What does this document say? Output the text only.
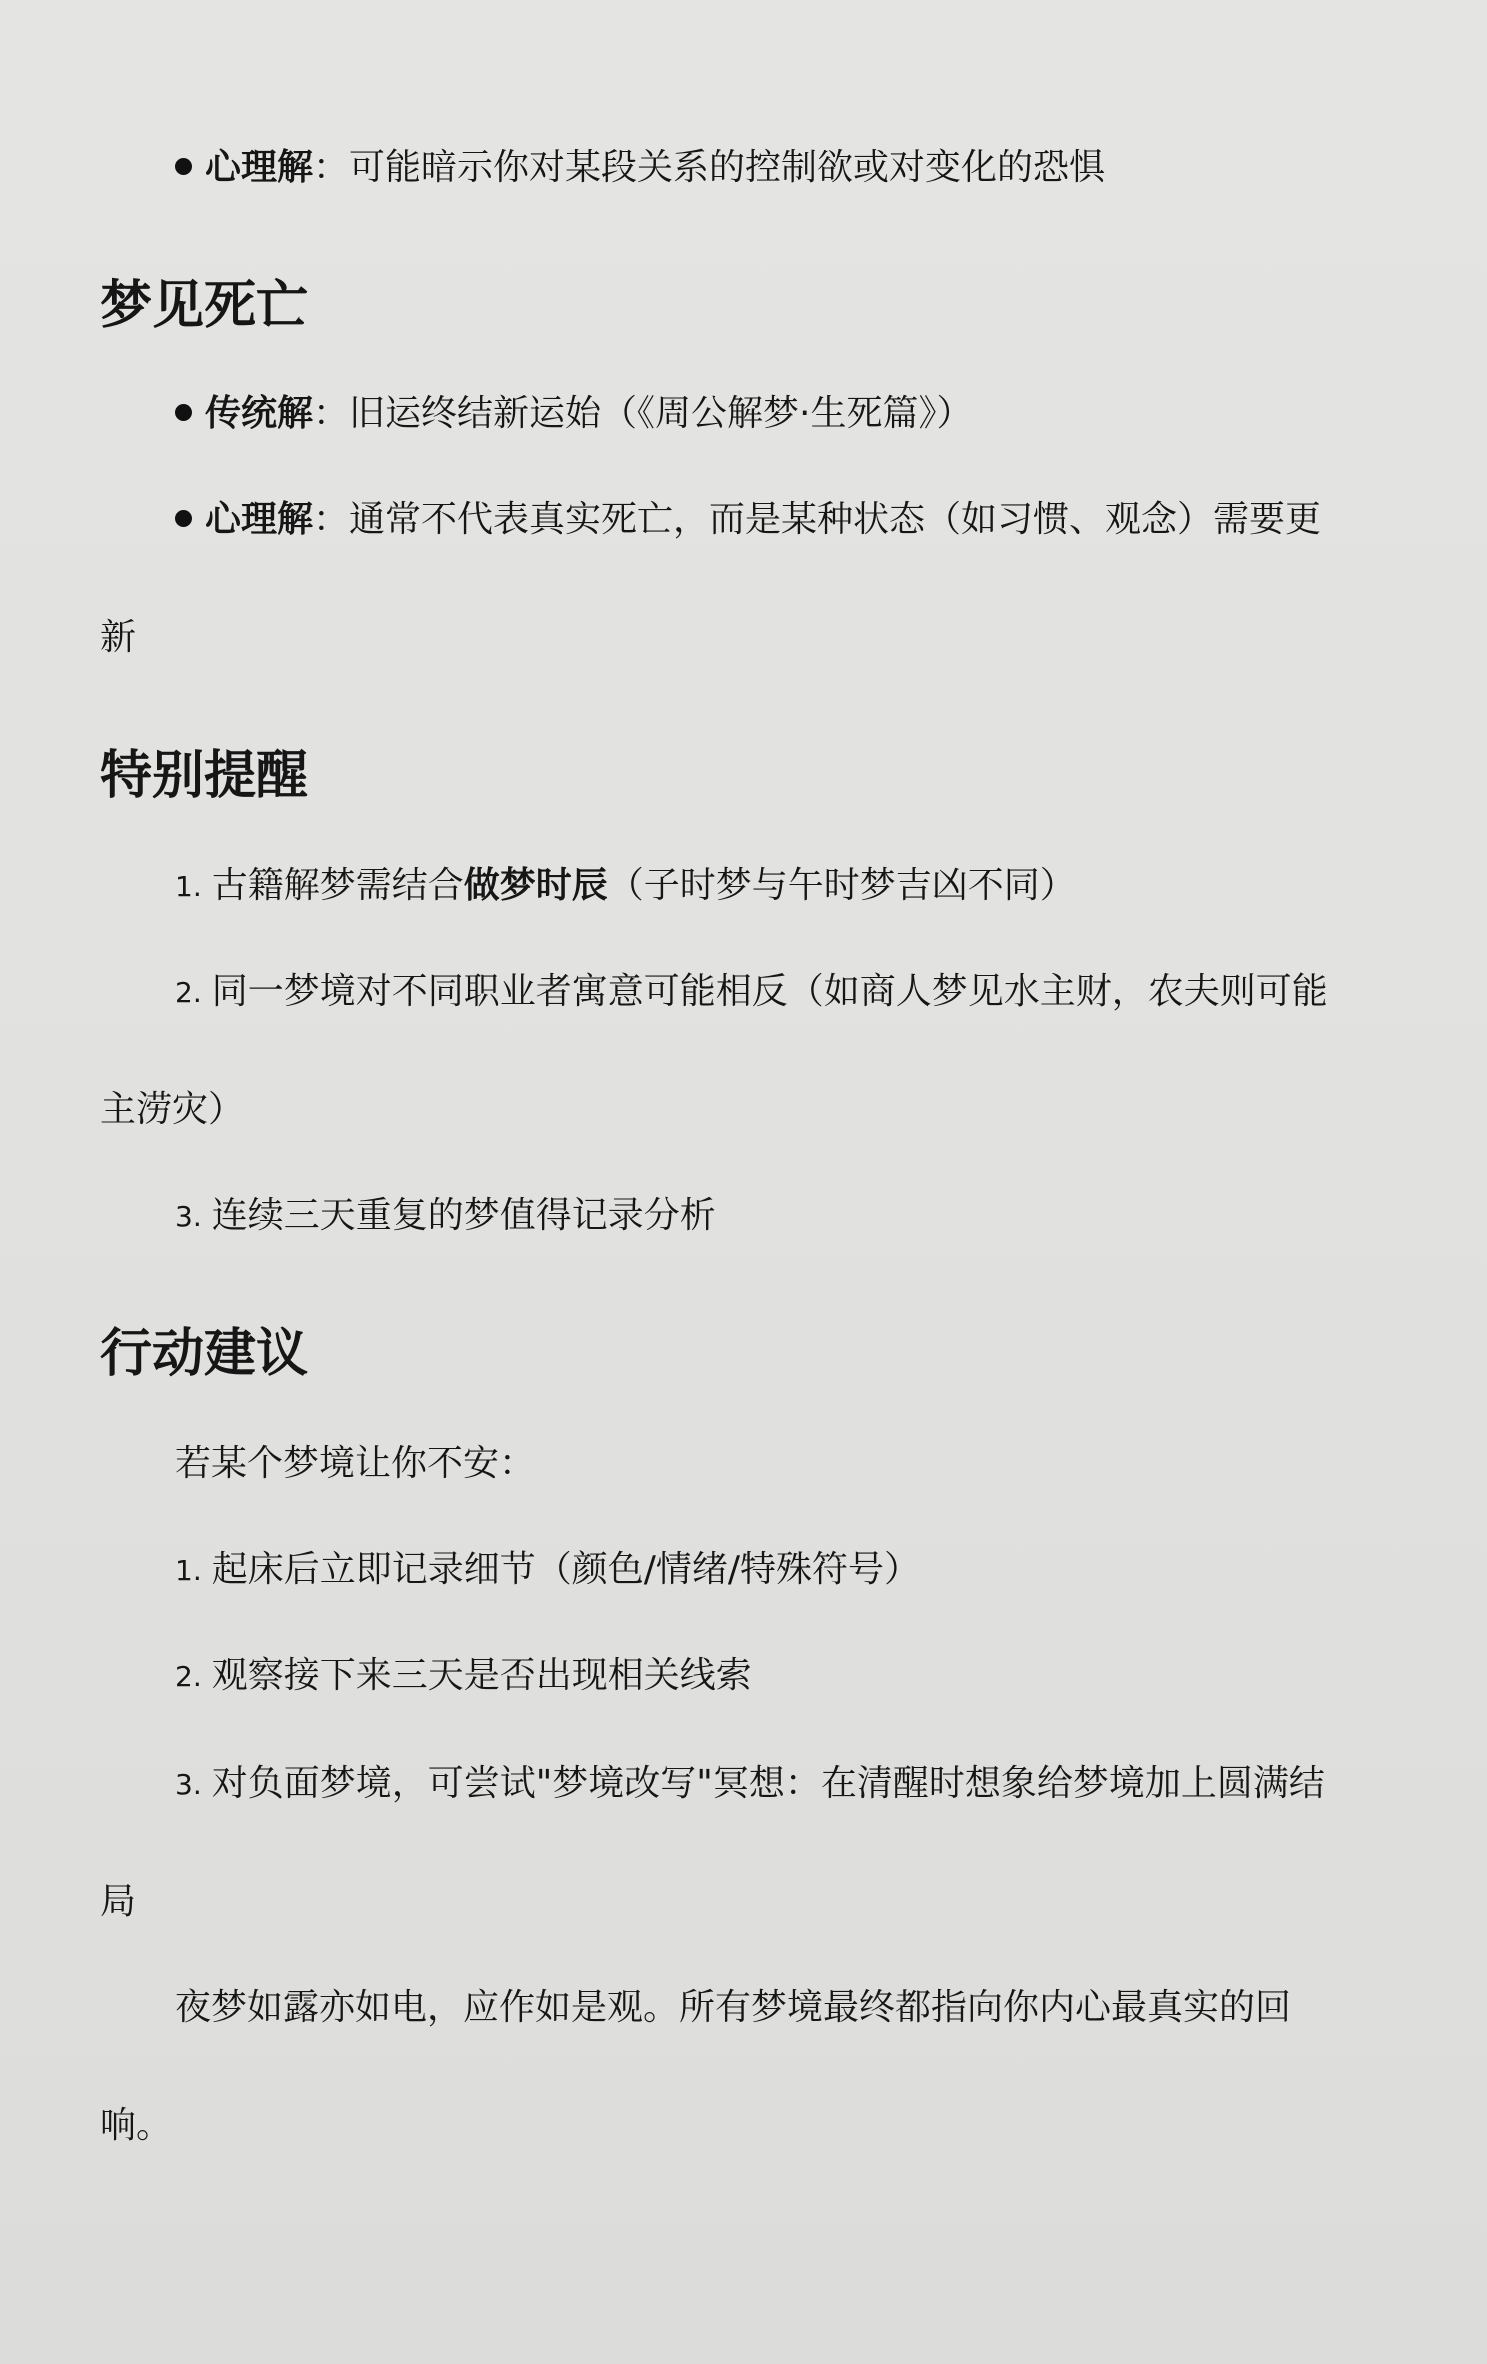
心理解：可能暗示你对某段关系的控制欲或对变化的恐惧
梦见死亡
传统解：旧运终结新运始（《周公解梦·生死篇》）
心理解：通常不代表真实死亡，而是某种状态（如习惯、观念）需要更
新
特别提醒
1. 古籍解梦需结合做梦时辰（子时梦与午时梦吉凶不同）
2. 同一梦境对不同职业者寓意可能相反（如商人梦见水主财，农夫则可能
主涝灾）
3. 连续三天重复的梦值得记录分析
行动建议
若某个梦境让你不安：
1. 起床后立即记录细节（颜色/情绪/特殊符号）
2. 观察接下来三天是否出现相关线索
3. 对负面梦境，可尝试"梦境改写"冥想：在清醒时想象给梦境加上圆满结
局
夜梦如露亦如电，应作如是观。所有梦境最终都指向你内心最真实的回
响。
